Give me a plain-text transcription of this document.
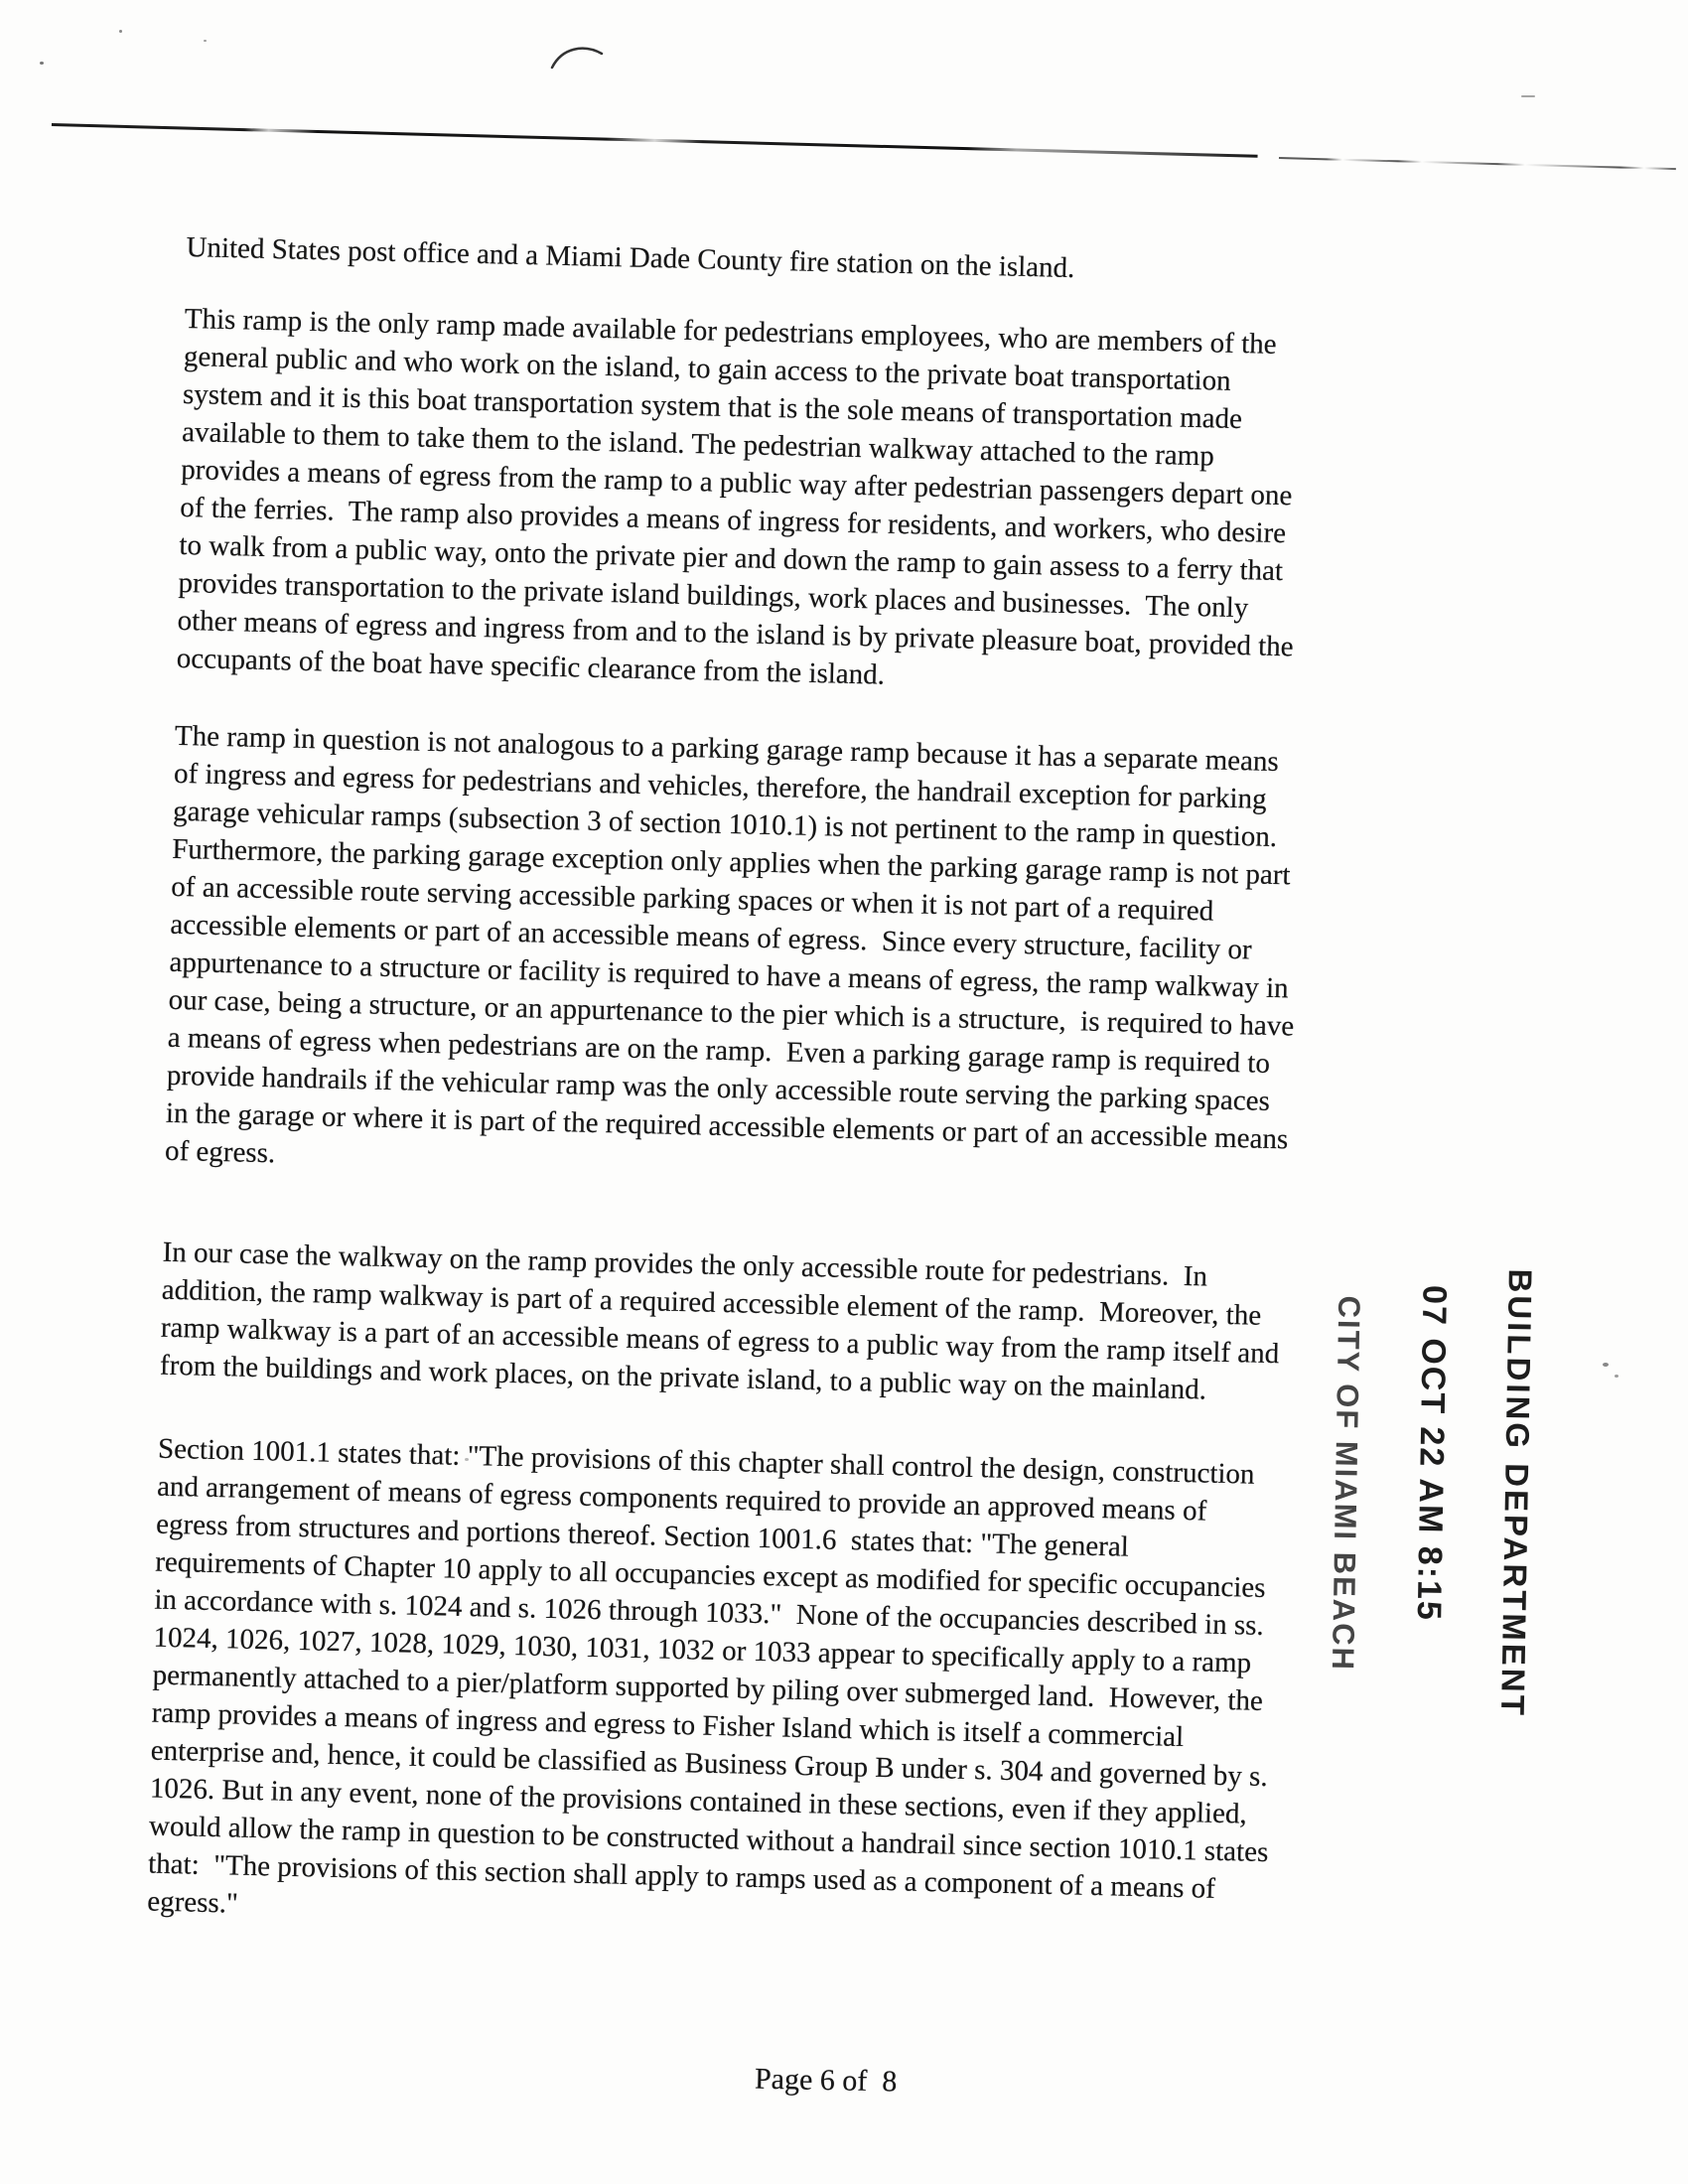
United States post office and a Miami Dade County fire station on the island.

This ramp is the only ramp made available for pedestrians employees, who are members of the
general public and who work on the island, to gain access to the private boat transportation
system and it is this boat transportation system that is the sole means of transportation made
available to them to take them to the island. The pedestrian walkway attached to the ramp
provides a means of egress from the ramp to a public way after pedestrian passengers depart one
of the ferries.  The ramp also provides a means of ingress for residents, and workers, who desire
to walk from a public way, onto the private pier and down the ramp to gain assess to a ferry that
provides transportation to the private island buildings, work places and businesses.  The only
other means of egress and ingress from and to the island is by private pleasure boat, provided the
occupants of the boat have specific clearance from the island.

The ramp in question is not analogous to a parking garage ramp because it has a separate means
of ingress and egress for pedestrians and vehicles, therefore, the handrail exception for parking
garage vehicular ramps (subsection 3 of section 1010.1) is not pertinent to the ramp in question.
Furthermore, the parking garage exception only applies when the parking garage ramp is not part
of an accessible route serving accessible parking spaces or when it is not part of a required
accessible elements or part of an accessible means of egress.  Since every structure, facility or
appurtenance to a structure or facility is required to have a means of egress, the ramp walkway in
our case, being a structure, or an appurtenance to the pier which is a structure,  is required to have
a means of egress when pedestrians are on the ramp.  Even a parking garage ramp is required to
provide handrails if the vehicular ramp was the only accessible route serving the parking spaces
in the garage or where it is part of the required accessible elements or part of an accessible means
of egress.

In our case the walkway on the ramp provides the only accessible route for pedestrians.  In
addition, the ramp walkway is part of a required accessible element of the ramp.  Moreover, the
ramp walkway is a part of an accessible means of egress to a public way from the ramp itself and
from the buildings and work places, on the private island, to a public way on the mainland.

Section 1001.1 states that: "The provisions of this chapter shall control the design, construction
and arrangement of means of egress components required to provide an approved means of
egress from structures and portions thereof. Section 1001.6  states that: "The general
requirements of Chapter 10 apply to all occupancies except as modified for specific occupancies
in accordance with s. 1024 and s. 1026 through 1033."  None of the occupancies described in ss.
1024, 1026, 1027, 1028, 1029, 1030, 1031, 1032 or 1033 appear to specifically apply to a ramp
permanently attached to a pier/platform supported by piling over submerged land.  However, the
ramp provides a means of ingress and egress to Fisher Island which is itself a commercial
enterprise and, hence, it could be classified as Business Group B under s. 304 and governed by s.
1026. But in any event, none of the provisions contained in these sections, even if they applied,
would allow the ramp in question to be constructed without a handrail since section 1010.1 states
that:  "The provisions of this section shall apply to ramps used as a component of a means of
egress."

BUILDING DEPARTMENT
07 OCT 22 AM 8:15
CITY OF MIAMI BEACH
Page 6 of  8
